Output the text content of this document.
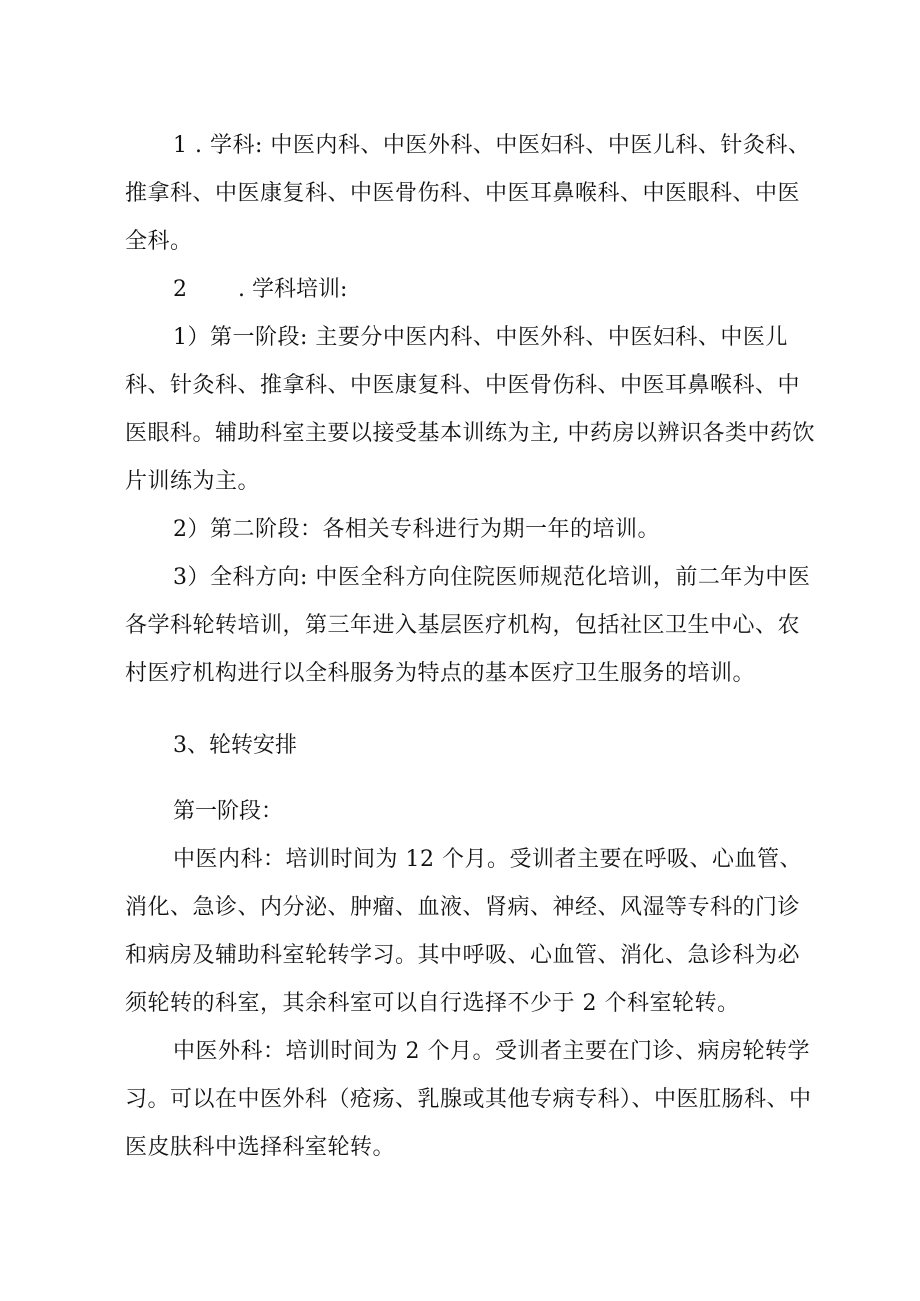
1 . 学科: 中医内科、中医外科、中医妇科、中医儿科、针灸科、推拿科、中医康复科、中医骨伤科、中医耳鼻喉科、中医眼科、中医全科。

2 　　. 学科培训:

1）第一阶段: 主要分中医内科、中医外科、中医妇科、中医儿科、针灸科、推拿科、中医康复科、中医骨伤科、中医耳鼻喉科、中医眼科。辅助科室主要以接受基本训练为主, 中药房以辨识各类中药饮片训练为主。

2）第二阶段：各相关专科进行为期一年的培训。

3）全科方向: 中医全科方向住院医师规范化培训，前二年为中医各学科轮转培训，第三年进入基层医疗机构，包括社区卫生中心、农村医疗机构进行以全科服务为特点的基本医疗卫生服务的培训。

3、轮转安排

第一阶段：

中医内科：培训时间为 12 个月。受训者主要在呼吸、心血管、消化、急诊、内分泌、肿瘤、血液、肾病、神经、风湿等专科的门诊和病房及辅助科室轮转学习。其中呼吸、心血管、消化、急诊科为必须轮转的科室，其余科室可以自行选择不少于 2 个科室轮转。

中医外科：培训时间为 2 个月。受训者主要在门诊、病房轮转学习。可以在中医外科（疮疡、乳腺或其他专病专科）、中医肛肠科、中医皮肤科中选择科室轮转。
